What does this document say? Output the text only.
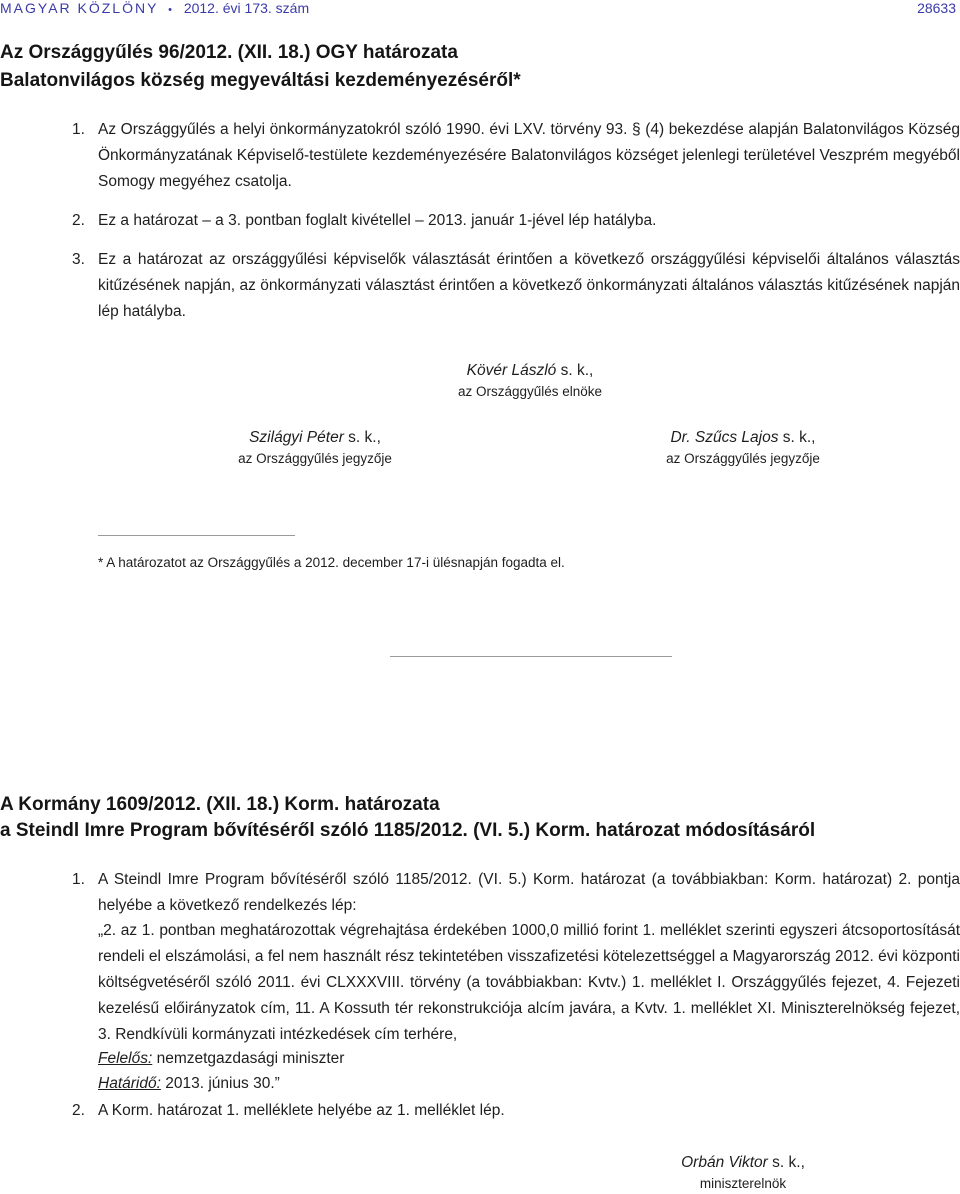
MAGYAR KÖZLÖNY • 2012. évi 173. szám	28633
Az Országgyűlés 96/2012. (XII. 18.) OGY határozata
Balatonvilágos község megyeváltási kezdeményezéséről*
1. Az Országgyűlés a helyi önkormányzatokról szóló 1990. évi LXV. törvény 93. § (4) bekezdése alapján Balatonvilágos Község Önkormányzatának Képviselő-testülete kezdeményezésére Balatonvilágos községet jelenlegi területével Veszprém megyéből Somogy megyéhez csatolja.
2. Ez a határozat – a 3. pontban foglalt kivétellel – 2013. január 1-jével lép hatályba.
3. Ez a határozat az országgyűlési képviselők választását érintően a következő országgyűlési képviselői általános választás kitűzésének napján, az önkormányzati választást érintően a következő önkormányzati általános választás kitűzésének napján lép hatályba.
Kövér László s. k.,
az Országgyűlés elnöke
Szilágyi Péter s. k.,
az Országgyűlés jegyzője
Dr. Szűcs Lajos s. k.,
az Országgyűlés jegyzője
* A határozatot az Országgyűlés a 2012. december 17-i ülésnapján fogadta el.
A Kormány 1609/2012. (XII. 18.) Korm. határozata
a Steindl Imre Program bővítéséről szóló 1185/2012. (VI. 5.) Korm. határozat módosításáról
1. A Steindl Imre Program bővítéséről szóló 1185/2012. (VI. 5.) Korm. határozat (a továbbiakban: Korm. határozat) 2. pontja helyébe a következő rendelkezés lép:
„2. az 1. pontban meghatározottak végrehajtása érdekében 1000,0 millió forint 1. melléklet szerinti egyszeri átcsoportosítását rendeli el elszámolási, a fel nem használt rész tekintetében visszafizetési kötelezettséggel a Magyarország 2012. évi központi költségvetéséről szóló 2011. évi CLXXXVIII. törvény (a továbbiakban: Kvtv.) 1. melléklet I. Országgyűlés fejezet, 4. Fejezeti kezelésű előirányzatok cím, 11. A Kossuth tér rekonstrukciója alcím javára, a Kvtv. 1. melléklet XI. Miniszterelnökség fejezet, 3. Rendkívüli kormányzati intézkedések cím terhére,
Felelős: nemzetgazdasági miniszter
Határidő: 2013. június 30.”
2. A Korm. határozat 1. melléklete helyébe az 1. melléklet lép.
Orbán Viktor s. k.,
miniszterelnök
